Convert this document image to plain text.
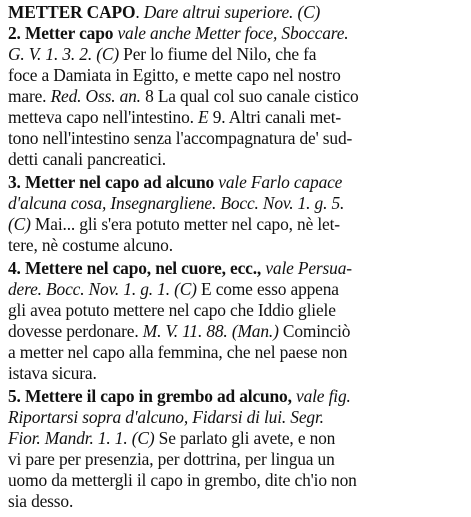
METTER CAPO. Dare altrui superiore. (C)
2. Metter capo vale anche Metter foce, Sboccare.
G. V. 1. 3. 2. (C) Per lo fiume del Nilo, che fa
foce a Damiata in Egitto, e mette capo nel nostro
mare. Red. Oss. an. 8 La qual col suo canale cistico
metteva capo nell'intestino. E 9. Altri canali met-
tono nell'intestino senza l'accompagnatura de' sud-
detti canali pancreatici.
3. Metter nel capo ad alcuno vale Farlo capace
d'alcuna cosa, Insegnargliene. Bocc. Nov. 1. g. 5.
(C) Mai... gli s'era potuto metter nel capo, nè let-
tere, nè costume alcuno.
4. Mettere nel capo, nel cuore, ecc., vale Persua-
dere. Bocc. Nov. 1. g. 1. (C) E come esso appena
gli avea potuto mettere nel capo che Iddio gliele
dovesse perdonare. M. V. 11. 88. (Man.) Cominciò
a metter nel capo alla femmina, che nel paese non
istava sicura.
5. Mettere il capo in grembo ad alcuno, vale fig.
Riportarsi sopra d'alcuno, Fidarsi di lui. Segr.
Fior. Mandr. 1. 1. (C) Se parlato gli avete, e non
vi pare per presenzia, per dottrina, per lingua un
uomo da mettergli il capo in grembo, dite ch'io non
sia desso.
